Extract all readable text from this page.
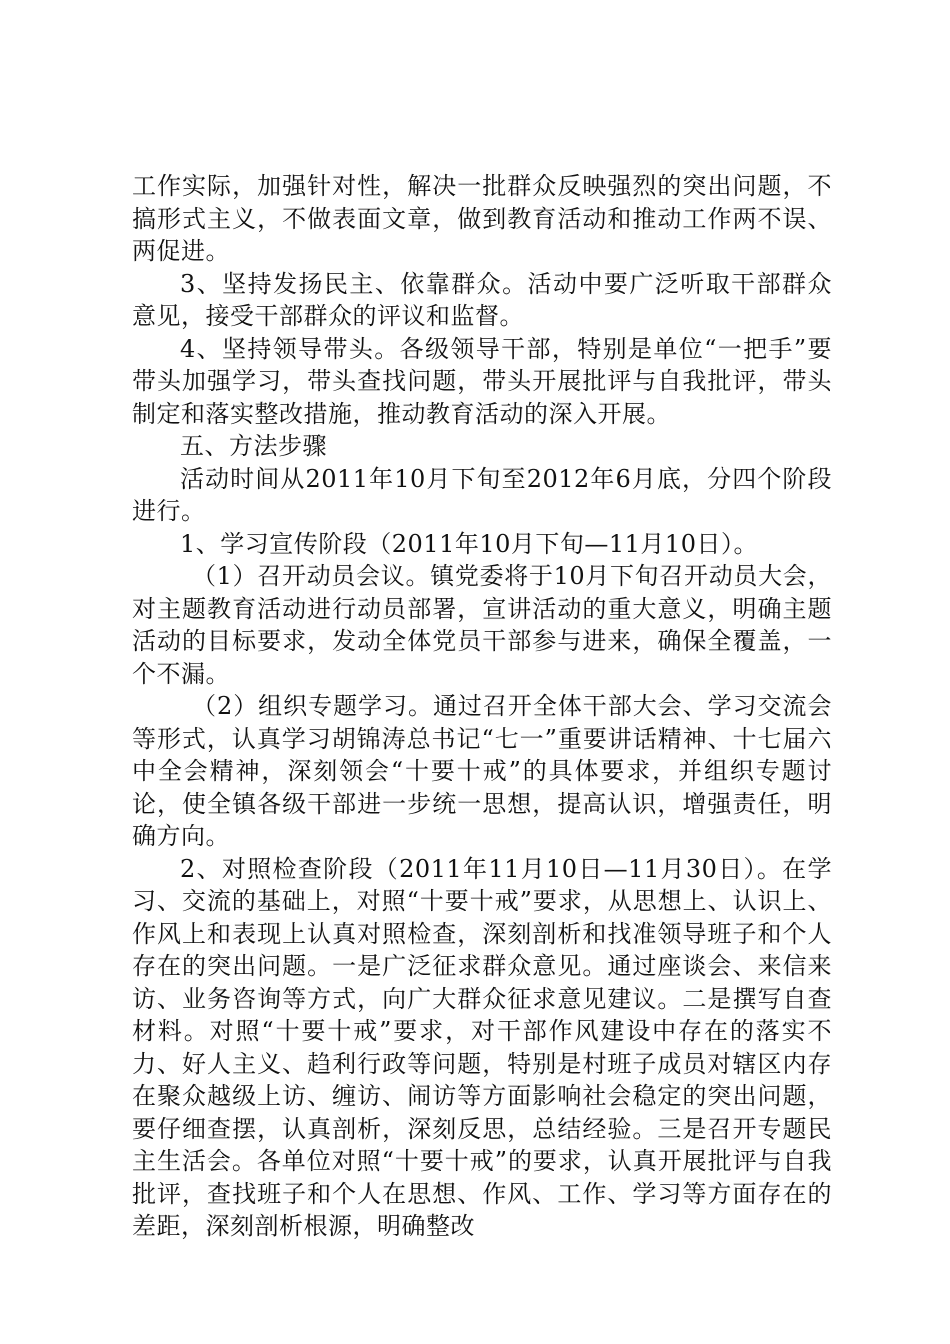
工作实际，加强针对性，解决一批群众反映强烈的突出问题，不搞形式主义，不做表面文章，做到教育活动和推动工作两不误、两促进。

3、坚持发扬民主、依靠群众。活动中要广泛听取干部群众意见，接受干部群众的评议和监督。

4、坚持领导带头。各级领导干部，特别是单位“一把手”要带头加强学习，带头查找问题，带头开展批评与自我批评，带头制定和落实整改措施，推动教育活动的深入开展。

五、方法步骤

活动时间从2011年10月下旬至2012年6月底，分四个阶段进行。

1、学习宣传阶段（2011年10月下旬—11月10日）。

（1）召开动员会议。镇党委将于10月下旬召开动员大会，对主题教育活动进行动员部署，宣讲活动的重大意义，明确主题活动的目标要求，发动全体党员干部参与进来，确保全覆盖，一个不漏。

（2）组织专题学习。通过召开全体干部大会、学习交流会等形式，认真学习胡锦涛总书记“七一”重要讲话精神、十七届六中全会精神，深刻领会“十要十戒”的具体要求，并组织专题讨论，使全镇各级干部进一步统一思想，提高认识，增强责任，明确方向。

2、对照检查阶段（2011年11月10日—11月30日）。在学习、交流的基础上，对照“十要十戒”要求，从思想上、认识上、作风上和表现上认真对照检查，深刻剖析和找准领导班子和个人存在的突出问题。一是广泛征求群众意见。通过座谈会、来信来访、业务咨询等方式，向广大群众征求意见建议。二是撰写自查材料。对照“十要十戒”要求，对干部作风建设中存在的落实不力、好人主义、趋利行政等问题，特别是村班子成员对辖区内存在聚众越级上访、缠访、闹访等方面影响社会稳定的突出问题，要仔细查摆，认真剖析，深刻反思，总结经验。三是召开专题民主生活会。各单位对照“十要十戒”的要求，认真开展批评与自我批评，查找班子和个人在思想、作风、工作、学习等方面存在的差距，深刻剖析根源，明确整改
